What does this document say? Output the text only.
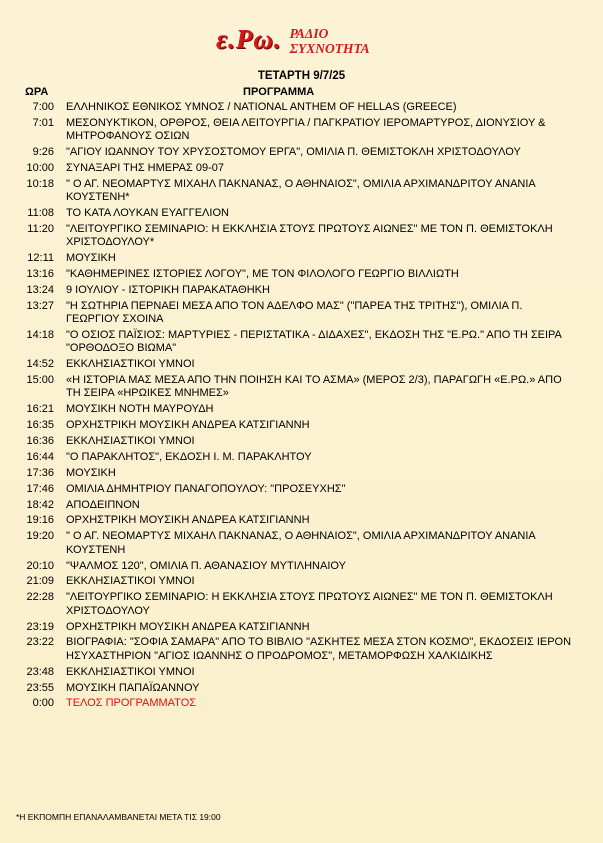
ε.Ρω. ΡΑΔΙΟ
ΣΥΧΝΟΤΗΤΑ
ΤΕΤΑΡΤΗ 9/7/25
ΩΡΑ	ΠΡΟΓΡΑΜΜΑ
7:00	ΕΛΛΗΝΙΚΟΣ ΕΘΝΙΚΟΣ ΥΜΝΟΣ / NATIONAL ANTHEM OF HELLAS (GREECE)
7:01	ΜΕΣΟΝΥΚΤΙΚΟΝ, ΟΡΘΡΟΣ, ΘΕΙΑ ΛΕΙΤΟΥΡΓΙΑ / ΠΑΓΚΡΑΤΙΟΥ ΙΕΡΟΜΑΡΤΥΡΟΣ, ΔΙΟΝΥΣΙΟΥ & ΜΗΤΡΟΦΑΝΟΥΣ ΟΣΙΩΝ
9:26	"ΑΓΙΟΥ ΙΩΑΝΝΟΥ ΤΟΥ ΧΡΥΣΟΣΤΟΜΟΥ ΕΡΓΑ", ΟΜΙΛΙΑ Π. ΘΕΜΙΣΤΟΚΛΗ ΧΡΙΣΤΟΔΟΥΛΟΥ
10:00	ΣΥΝΑΞΑΡΙ ΤΗΣ ΗΜΕΡΑΣ 09-07
10:18	" Ο ΑΓ. ΝΕΟΜΑΡΤΥΣ ΜΙΧΑΗΛ ΠΑΚΝΑΝΑΣ, Ο ΑΘΗΝΑΙΟΣ", ΟΜΙΛΙΑ ΑΡΧΙΜΑΝΔΡΙΤΟΥ ΑΝΑΝΙΑ ΚΟΥΣΤΕΝΗ*
11:08	ΤΟ ΚΑΤΑ ΛΟΥΚΑΝ ΕΥΑΓΓΕΛΙΟΝ
11:20	"ΛΕΙΤΟΥΡΓΙΚΟ ΣΕΜΙΝΑΡΙΟ: Η ΕΚΚΛΗΣΙΑ ΣΤΟΥΣ ΠΡΩΤΟΥΣ ΑΙΩΝΕΣ" ΜΕ ΤΟΝ Π. ΘΕΜΙΣΤΟΚΛΗ ΧΡΙΣΤΟΔΟΥΛΟΥ*
12:11	ΜΟΥΣΙΚΗ
13:16	"ΚΑΘΗΜΕΡΙΝΕΣ ΙΣΤΟΡΙΕΣ ΛΟΓΟΥ", ΜΕ ΤΟΝ ΦΙΛΟΛΟΓΟ ΓΕΩΡΓΙΟ ΒΙΛΛΙΩΤΗ
13:24	9 ΙΟΥΛΙΟΥ - ΙΣΤΟΡΙΚΗ ΠΑΡΑΚΑΤΑΘΗΚΗ
13:27	"Η ΣΩΤΗΡΙΑ ΠΕΡΝΑΕΙ ΜΕΣΑ ΑΠΟ ΤΟΝ ΑΔΕΛΦΟ ΜΑΣ" ("ΠΑΡΕΑ ΤΗΣ ΤΡΙΤΗΣ"), ΟΜΙΛΙΑ Π. ΓΕΩΡΓΙΟΥ ΣΧΟΙΝΑ
14:18	"Ο ΟΣΙΟΣ ΠΑΪΣΙΟΣ: ΜΑΡΤΥΡΙΕΣ - ΠΕΡΙΣΤΑΤΙΚΑ - ΔΙΔΑΧΕΣ", ΕΚΔΟΣΗ ΤΗΣ "Ε.ΡΩ." ΑΠΟ ΤΗ ΣΕΙΡΑ "ΟΡΘΟΔΟΞΟ ΒΙΩΜΑ"
14:52	ΕΚΚΛΗΣΙΑΣΤΙΚΟΙ ΥΜΝΟΙ
15:00	«Η ΙΣΤΟΡΙΑ ΜΑΣ ΜΕΣΑ ΑΠΟ ΤΗΝ ΠΟΙΗΣΗ ΚΑΙ ΤΟ ΑΣΜΑ» (ΜΕΡΟΣ 2/3), ΠΑΡΑΓΩΓΗ «Ε.ΡΩ.» ΑΠΟ ΤΗ ΣΕΙΡΑ «ΗΡΩΙΚΕΣ ΜΝΗΜΕΣ»
16:21	ΜΟΥΣΙΚΗ ΝΟΤΗ ΜΑΥΡΟΥΔΗ
16:35	ΟΡΧΗΣΤΡΙΚΗ ΜΟΥΣΙΚΗ ΑΝΔΡΕΑ ΚΑΤΣΙΓΙΑΝΝΗ
16:36	ΕΚΚΛΗΣΙΑΣΤΙΚΟΙ ΥΜΝΟΙ
16:44	"Ο ΠΑΡΑΚΛΗΤΟΣ", ΕΚΔΟΣΗ Ι. Μ. ΠΑΡΑΚΛΗΤΟΥ
17:36	ΜΟΥΣΙΚΗ
17:46	ΟΜΙΛΙΑ ΔΗΜΗΤΡΙΟΥ ΠΑΝΑΓΟΠΟΥΛΟΥ: "ΠΡΟΣΕΥΧΗΣ"
18:42	ΑΠΟΔΕΙΠΝΟΝ
19:16	ΟΡΧΗΣΤΡΙΚΗ ΜΟΥΣΙΚΗ ΑΝΔΡΕΑ ΚΑΤΣΙΓΙΑΝΝΗ
19:20	" Ο ΑΓ. ΝΕΟΜΑΡΤΥΣ ΜΙΧΑΗΛ ΠΑΚΝΑΝΑΣ, Ο ΑΘΗΝΑΙΟΣ", ΟΜΙΛΙΑ ΑΡΧΙΜΑΝΔΡΙΤΟΥ ΑΝΑΝΙΑ ΚΟΥΣΤΕΝΗ
20:10	"ΨΑΛΜΟΣ 120", ΟΜΙΛΙΑ Π. ΑΘΑΝΑΣΙΟΥ ΜΥΤΙΛΗΝΑΙΟΥ
21:09	ΕΚΚΛΗΣΙΑΣΤΙΚΟΙ ΥΜΝΟΙ
22:28	"ΛΕΙΤΟΥΡΓΙΚΟ ΣΕΜΙΝΑΡΙΟ: Η ΕΚΚΛΗΣΙΑ ΣΤΟΥΣ ΠΡΩΤΟΥΣ ΑΙΩΝΕΣ" ΜΕ ΤΟΝ Π. ΘΕΜΙΣΤΟΚΛΗ ΧΡΙΣΤΟΔΟΥΛΟΥ
23:19	ΟΡΧΗΣΤΡΙΚΗ ΜΟΥΣΙΚΗ ΑΝΔΡΕΑ ΚΑΤΣΙΓΙΑΝΝΗ
23:22	ΒΙΟΓΡΑΦΙΑ: "ΣΟΦΙΑ ΣΑΜΑΡΑ" ΑΠΟ ΤΟ ΒΙΒΛΙΟ "ΑΣΚΗΤΕΣ ΜΕΣΑ ΣΤΟΝ ΚΟΣΜΟ", ΕΚΔΟΣΕΙΣ ΙΕΡΟΝ ΗΣΥΧΑΣΤΗΡΙΟΝ "ΑΓΙΟΣ ΙΩΑΝΝΗΣ Ο ΠΡΟΔΡΟΜΟΣ", ΜΕΤΑΜΟΡΦΩΣΗ ΧΑΛΚΙΔΙΚΗΣ
23:48	ΕΚΚΛΗΣΙΑΣΤΙΚΟΙ ΥΜΝΟΙ
23:55	ΜΟΥΣΙΚΗ ΠΑΠΑΪΩΑΝΝΟΥ
0:00	ΤΕΛΟΣ ΠΡΟΓΡΑΜΜΑΤΟΣ
*Η ΕΚΠΟΜΠΗ ΕΠΑΝΑΛΑΜΒΑΝΕΤΑΙ ΜΕΤΑ ΤΙΣ 19:00
